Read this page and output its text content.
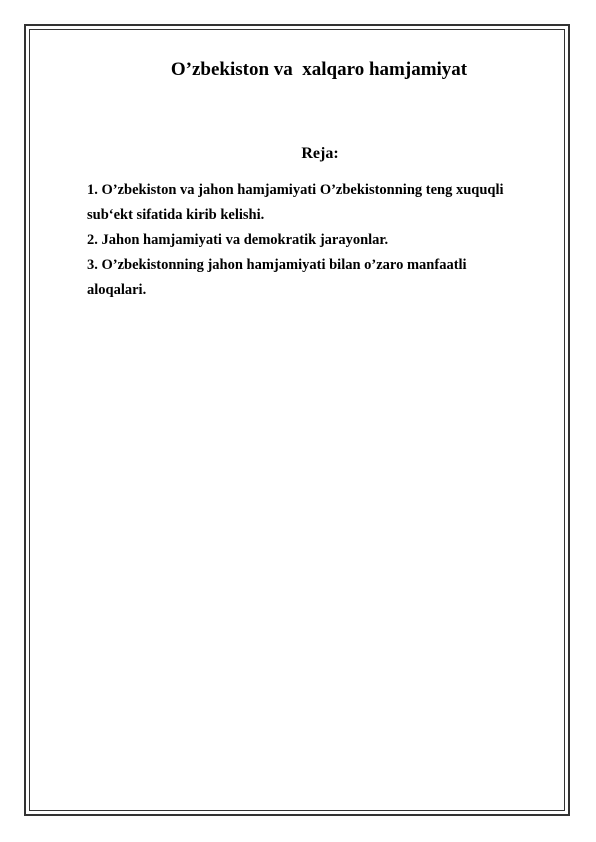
O’zbekiston va  xalqaro hamjamiyat
Reja:
1. O’zbekiston va jahon hamjamiyati O’zbekistonning teng xuquqli
sub‘ekt sifatida kirib kelishi.
2. Jahon hamjamiyati va demokratik jarayonlar.
3. O’zbekistonning jahon hamjamiyati bilan o’zaro manfaatli
aloqalari.
